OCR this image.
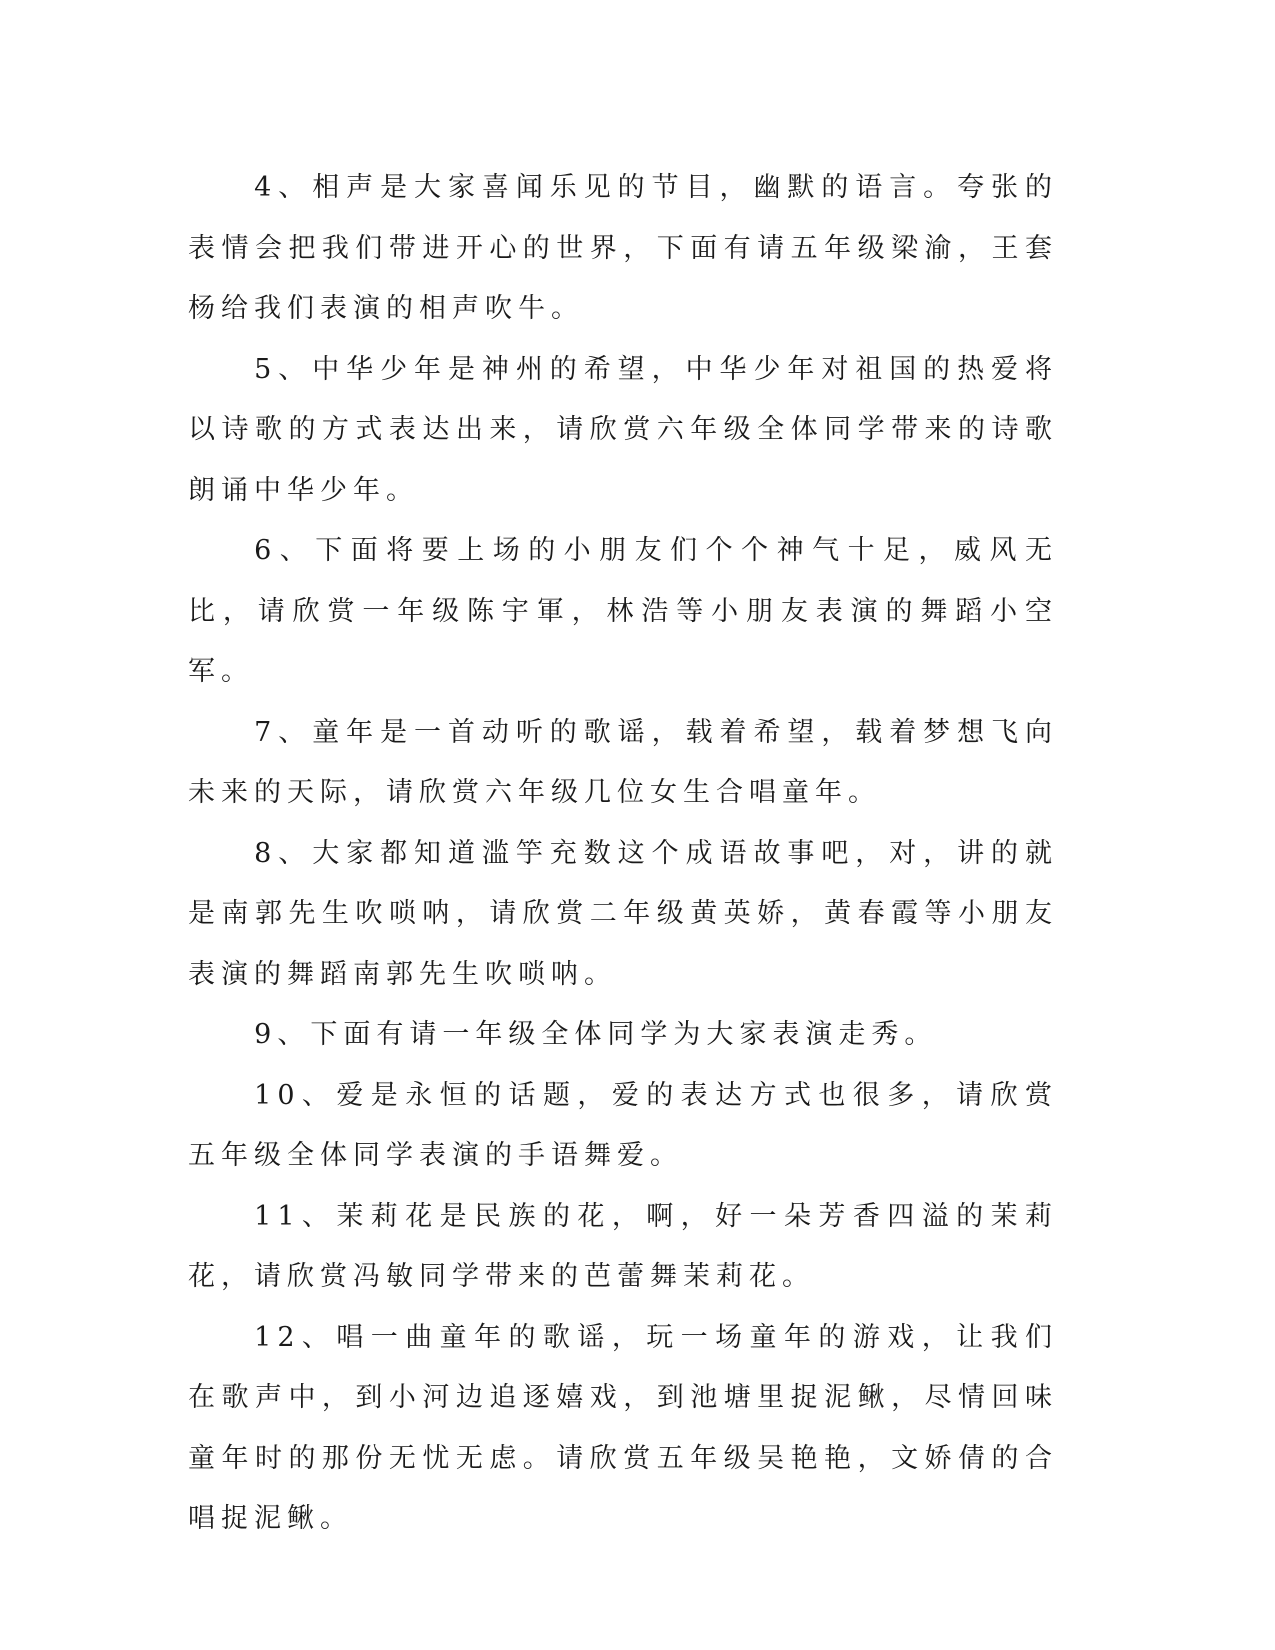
4、相声是大家喜闻乐见的节目，幽默的语言。夸张的表情会把我们带进开心的世界，下面有请五年级梁渝，王套杨给我们表演的相声吹牛。

5、中华少年是神州的希望，中华少年对祖国的热爱将以诗歌的方式表达出来，请欣赏六年级全体同学带来的诗歌朗诵中华少年。

6、下面将要上场的小朋友们个个神气十足，威风无比，请欣赏一年级陈宇軍，林浩等小朋友表演的舞蹈小空军。

7、童年是一首动听的歌谣，载着希望，载着梦想飞向未来的天际，请欣赏六年级几位女生合唱童年。

8、大家都知道滥竽充数这个成语故事吧，对，讲的就是南郭先生吹唢呐，请欣赏二年级黄英娇，黄春霞等小朋友表演的舞蹈南郭先生吹唢呐。

9、下面有请一年级全体同学为大家表演走秀。

10、爱是永恒的话题，爱的表达方式也很多，请欣赏五年级全体同学表演的手语舞爱。

11、茉莉花是民族的花，啊，好一朵芳香四溢的茉莉花，请欣赏冯敏同学带来的芭蕾舞茉莉花。

12、唱一曲童年的歌谣，玩一场童年的游戏，让我们在歌声中，到小河边追逐嬉戏，到池塘里捉泥鳅，尽情回味童年时的那份无忧无虑。请欣赏五年级吴艳艳，文娇倩的合唱捉泥鳅。
